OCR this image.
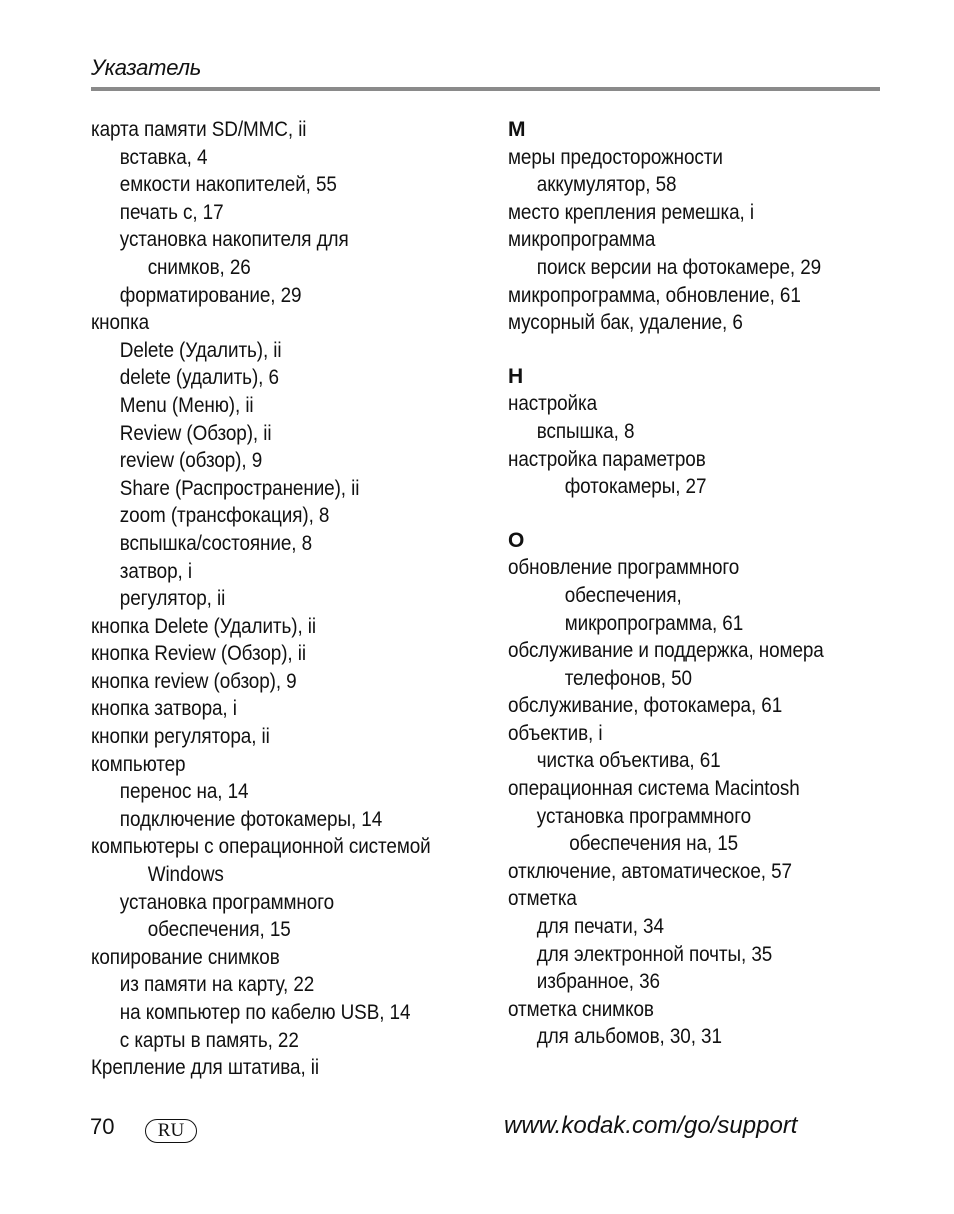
Указатель
карта памяти SD/MMC, ii
вставка, 4
емкости накопителей, 55
печать с, 17
установка накопителя для
снимков, 26
форматирование, 29
кнопка
Delete (Удалить), ii
delete (удалить), 6
Menu (Меню), ii
Review (Обзор), ii
review (обзор), 9
Share (Распространение), ii
zoom (трансфокация), 8
вспышка/состояние, 8
затвор, i
регулятор, ii
кнопка Delete (Удалить), ii
кнопка Review (Обзор), ii
кнопка review (обзор), 9
кнопка затвора, i
кнопки регулятора, ii
компьютер
перенос на, 14
подключение фотокамеры, 14
компьютеры с операционной системой
Windows
установка программного
обеспечения, 15
копирование снимков
из памяти на карту, 22
на компьютер по кабелю USB, 14
с карты в память, 22
Крепление для штатива, ii
М
меры предосторожности
аккумулятор, 58
место крепления ремешка, i
микропрограмма
поиск версии на фотокамере, 29
микропрограмма, обновление, 61
мусорный бак, удаление, 6
Н
настройка
вспышка, 8
настройка параметров
фотокамеры, 27
О
обновление программного
обеспечения,
микропрограмма, 61
обслуживание и поддержка, номера
телефонов, 50
обслуживание, фотокамера, 61
объектив, i
чистка объектива, 61
операционная система Macintosh
установка программного
обеспечения на, 15
отключение, автоматическое, 57
отметка
для печати, 34
для электронной почты, 35
избранное, 36
отметка снимков
для альбомов, 30, 31
70	RU	www.kodak.com/go/support
